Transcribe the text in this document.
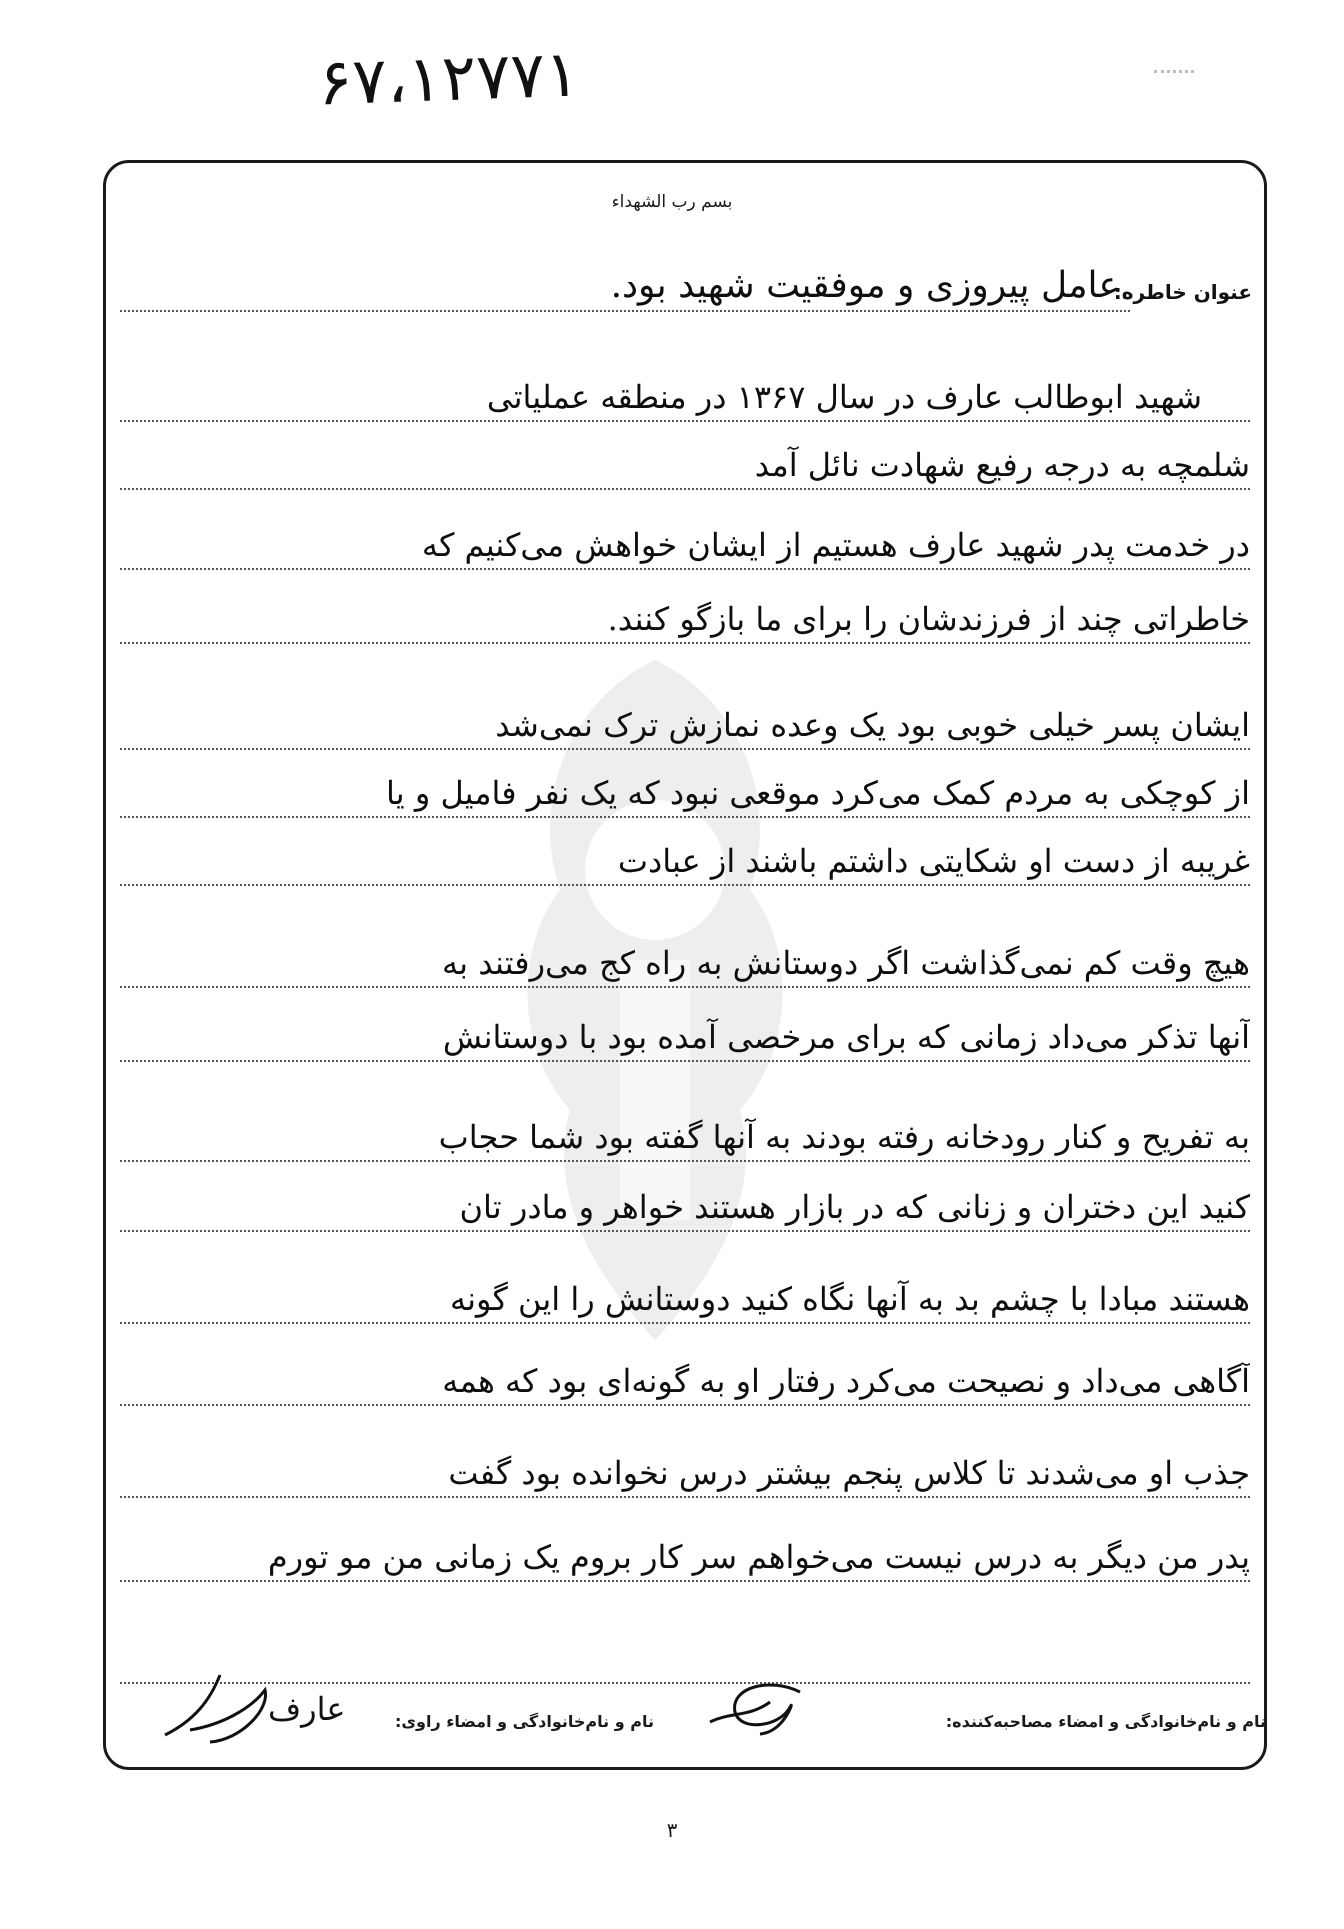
۶۷،۱۲۷۷۱
بسم رب الشهداء
عنوان خاطره:
عامل پیروزی و موفقیت شهید بود.
شهید ابوطالب عارف در سال ۱۳۶۷ در منطقه عملیاتی
شلمچه به درجه رفیع شهادت نائل آمد
در خدمت پدر شهید عارف هستیم از ایشان خواهش می‌کنیم که
خاطراتی چند از فرزندشان را برای ما بازگو کنند.
ایشان پسر خیلی خوبی بود یک وعده نمازش ترک نمی‌شد
از کوچکی به مردم کمک می‌کرد موقعی نبود که یک نفر فامیل و یا
غریبه از دست او شکایتی داشتم باشند از عبادت
هیچ وقت کم نمی‌گذاشت اگر دوستانش به راه کج می‌رفتند به
آنها تذکر می‌داد زمانی که برای مرخصی آمده بود با دوستانش
به تفریح و کنار رودخانه رفته بودند به آنها گفته بود شما حجاب
کنید این دختران و زنانی که در بازار هستند خواهر و مادر تان
هستند مبادا با چشم بد به آنها نگاه کنید دوستانش را این گونه
آگاهی می‌داد و نصیحت می‌کرد رفتار او به گونه‌ای بود که همه
جذب او می‌شدند تا کلاس پنجم بیشتر درس نخوانده بود گفت
پدر من دیگر به درس نیست می‌خواهم سر کار بروم یک زمانی من مو تورم
نام و نام‌خانوادگی و امضاء مصاحبه‌کننده:
نام و نام‌خانوادگی و امضاء راوی:
عارف
۳
